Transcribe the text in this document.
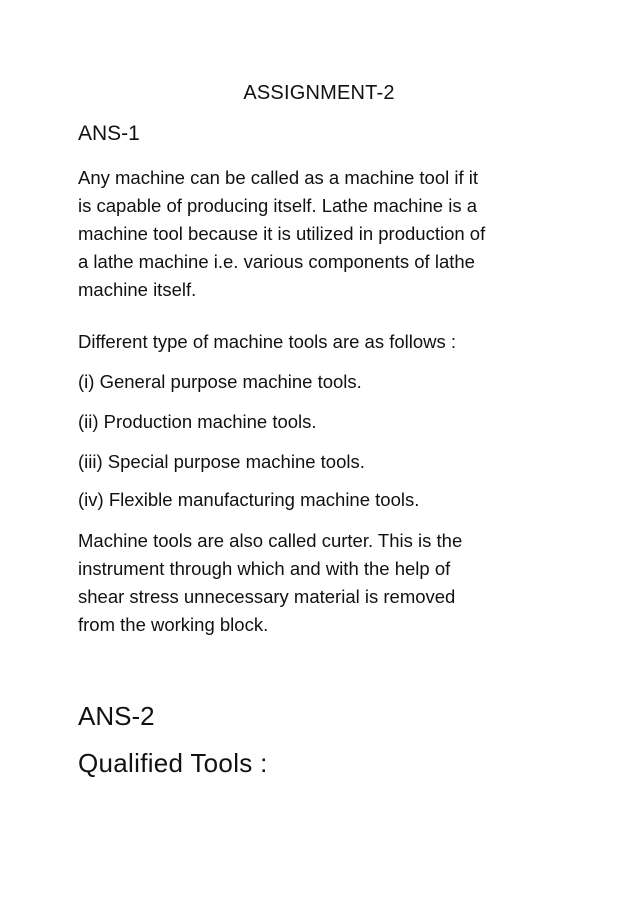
ASSIGNMENT-2
ANS-1

Any machine can be called as a machine tool if it

is capable of producing itself. Lathe machine is a

machine tool because it is utilized in production of

a lathe machine i.e. various components of lathe

machine itself.

Different type of machine tools are as follows :
(i) General purpose machine tools.
(ii) Production machine tools.
(iii) Special purpose machine tools.
(iv) Flexible manufacturing machine tools.

Machine tools are also called curter. This is the

instrument through which and with the help of

shear stress unnecessary material is removed

from the working block.

ANS-2
Qualified Tools :
